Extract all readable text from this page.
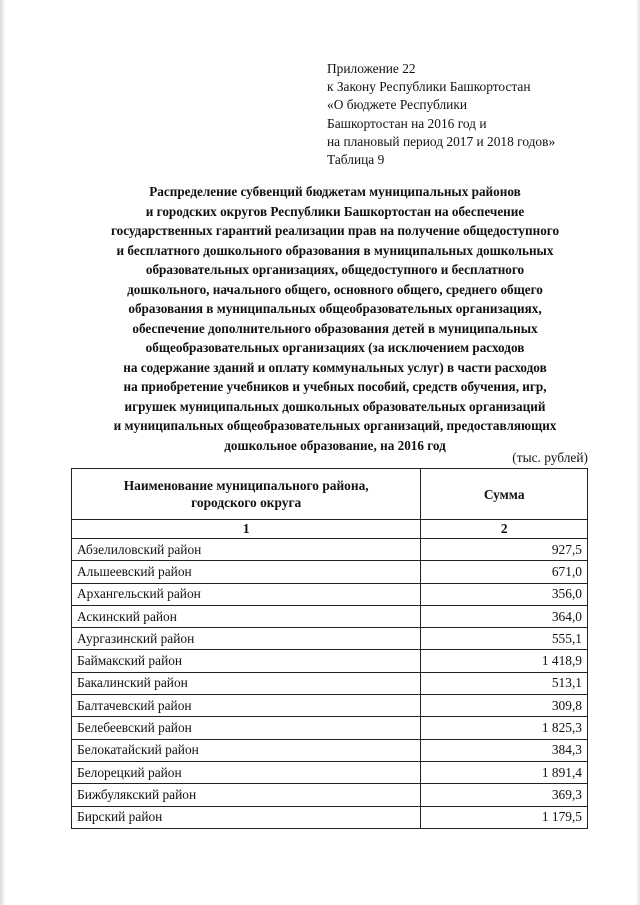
Приложение 22
к Закону Республики Башкортостан
«О бюджете Республики
Башкортостан на 2016 год и
на плановый период 2017 и 2018 годов»
Таблица 9
Распределение субвенций бюджетам муниципальных районов
и городских округов Республики Башкортостан на обеспечение
государственных гарантий реализации прав на получение общедоступного
и бесплатного дошкольного образования в муниципальных дошкольных
образовательных организациях, общедоступного и бесплатного
дошкольного, начального общего, основного общего, среднего общего
образования в муниципальных общеобразовательных организациях,
обеспечение дополнительного образования детей в муниципальных
общеобразовательных организациях (за исключением расходов
на содержание зданий и оплату коммунальных услуг) в части расходов
на приобретение учебников и учебных пособий, средств обучения, игр,
игрушек муниципальных дошкольных образовательных организаций
и муниципальных общеобразовательных организаций, предоставляющих
дошкольное образование, на 2016 год
(тыс. рублей)
Наименование муниципального района,
городского округа	Сумма
1	2
Абзелиловский район	927,5
Альшеевский район	671,0
Архангельский район	356,0
Аскинский район	364,0
Аургазинский район	555,1
Баймакский район	1 418,9
Бакалинский район	513,1
Балтачевский район	309,8
Белебеевский район	1 825,3
Белокатайский район	384,3
Белорецкий район	1 891,4
Бижбулякский район	369,3
Бирский район	1 179,5
